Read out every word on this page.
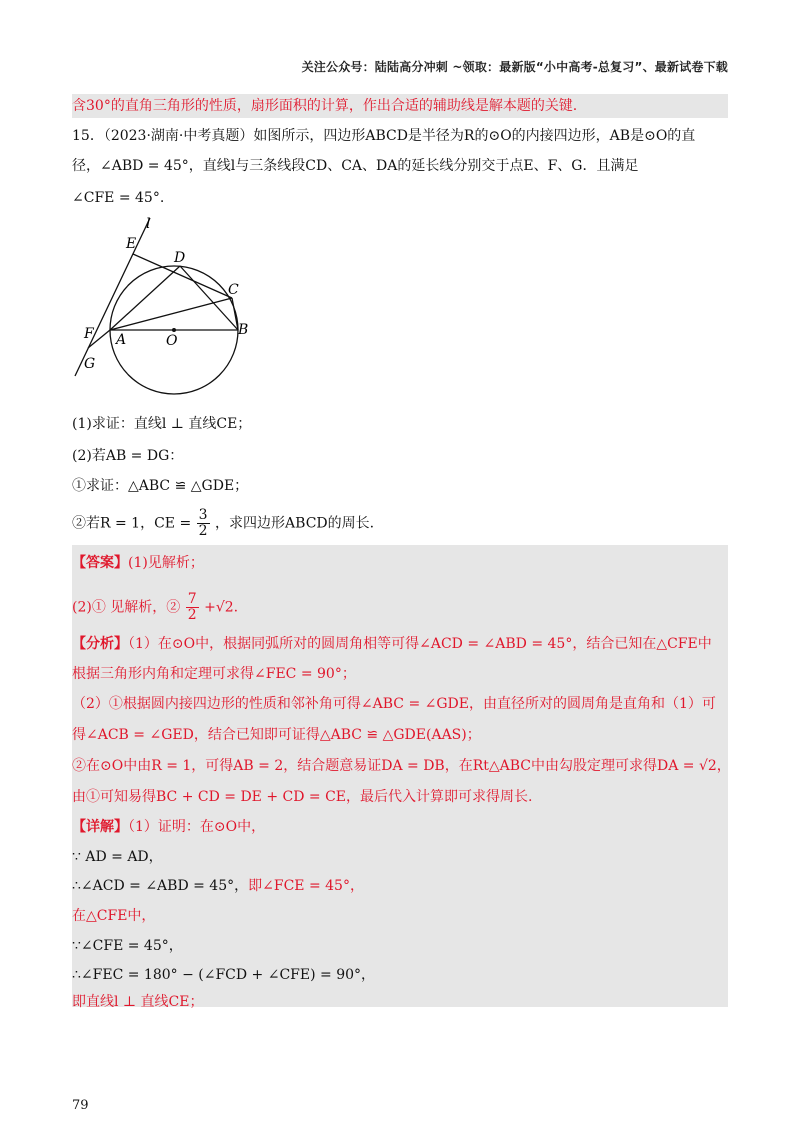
关注公众号：陆陆高分冲刺 ~领取：最新版“小中高考-总复习”、最新试卷下载
含30°的直角三角形的性质，扇形面积的计算，作出合适的辅助线是解本题的关键.
15．（2023·湖南·中考真题）如图所示，四边形ABCD是半径为R的⊙O的内接四边形，AB是⊙O的直
径，∠ABD = 45°，直线l与三条线段CD、CA、DA的延长线分别交于点E、F、G．且满足
∠CFE = 45°.
l
E
D
C
F A	O
B
G
(1)求证：直线l ⊥ 直线CE；
(2)若AB = DG：
①求证：△ABC ≌ △GDE；
②若R = 1，CE = $\frac{3}{2}$ ，求四边形ABCD的周长.
【答案】(1)见解析；
(2)① 见解析，② $\frac{7}{2} +√2$.
【分析】（1）在⊙O中，根据同弧所对的圆周角相等可得∠ACD = ∠ABD = 45°，结合已知在△CFE中
根据三角形内角和定理可求得∠FEC = 90°；
（2）①根据圆内接四边形的性质和邻补角可得∠ABC = ∠GDE，由直径所对的圆周角是直角和（1）可
得∠ACB = ∠GED，结合已知即可证得△ABC ≌ △GDE(AAS)；
②在⊙O中由R = 1，可得AB = 2，结合题意易证DA = DB，在Rt△ABC中由勾股定理可求得DA = √2，
由①可知易得BC + CD = DE + CD = CE，最后代入计算即可求得周长.
【详解】（1）证明：在⊙O中，
∵ AD = AD，
∴∠ACD = ∠ABD = 45°，即∠FCE = 45°，
在△CFE中，
∵∠CFE = 45°，
∴∠FEC = 180° − (∠FCD + ∠CFE) = 90°，
即直线l ⊥ 直线CE；
79
